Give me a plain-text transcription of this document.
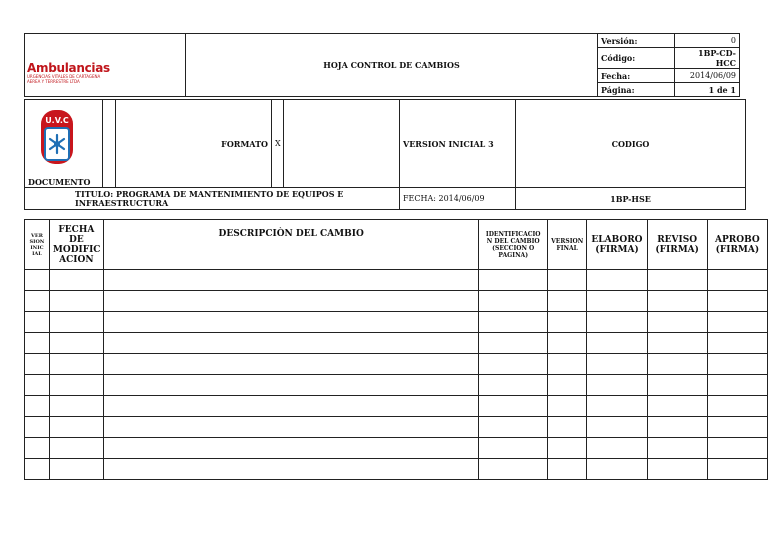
Ambulancias
URGENCIAS VITALES DE CARTAGENA
AEREA Y TERRESTRE LTDA	HOJA CONTROL DE CAMBIOS	Versión:	0
		Código:	1BP-CD-HCC
		Fecha:	2014/06/09
		Página:	1 de 1
DOCUMENTO		FORMATO	X		VERSION INICIAL 3	CODIGO
TITULO: PROGRAMA DE MANTENIMIENTO DE EQUIPOS E INFRAESTRUCTURA					FECHA: 2014/06/09	1BP-HSE
U.V.C
VER SION INIC IAL	FECHA DE MODIFIC ACION	DESCRIPCIÒN DEL CAMBIO	IDENTIFICACIO N DEL CAMBIO (SECCION O PAGINA)	VERSION FINAL	ELABORO (FIRMA)	REVISO (FIRMA)	APROBO (FIRMA)
